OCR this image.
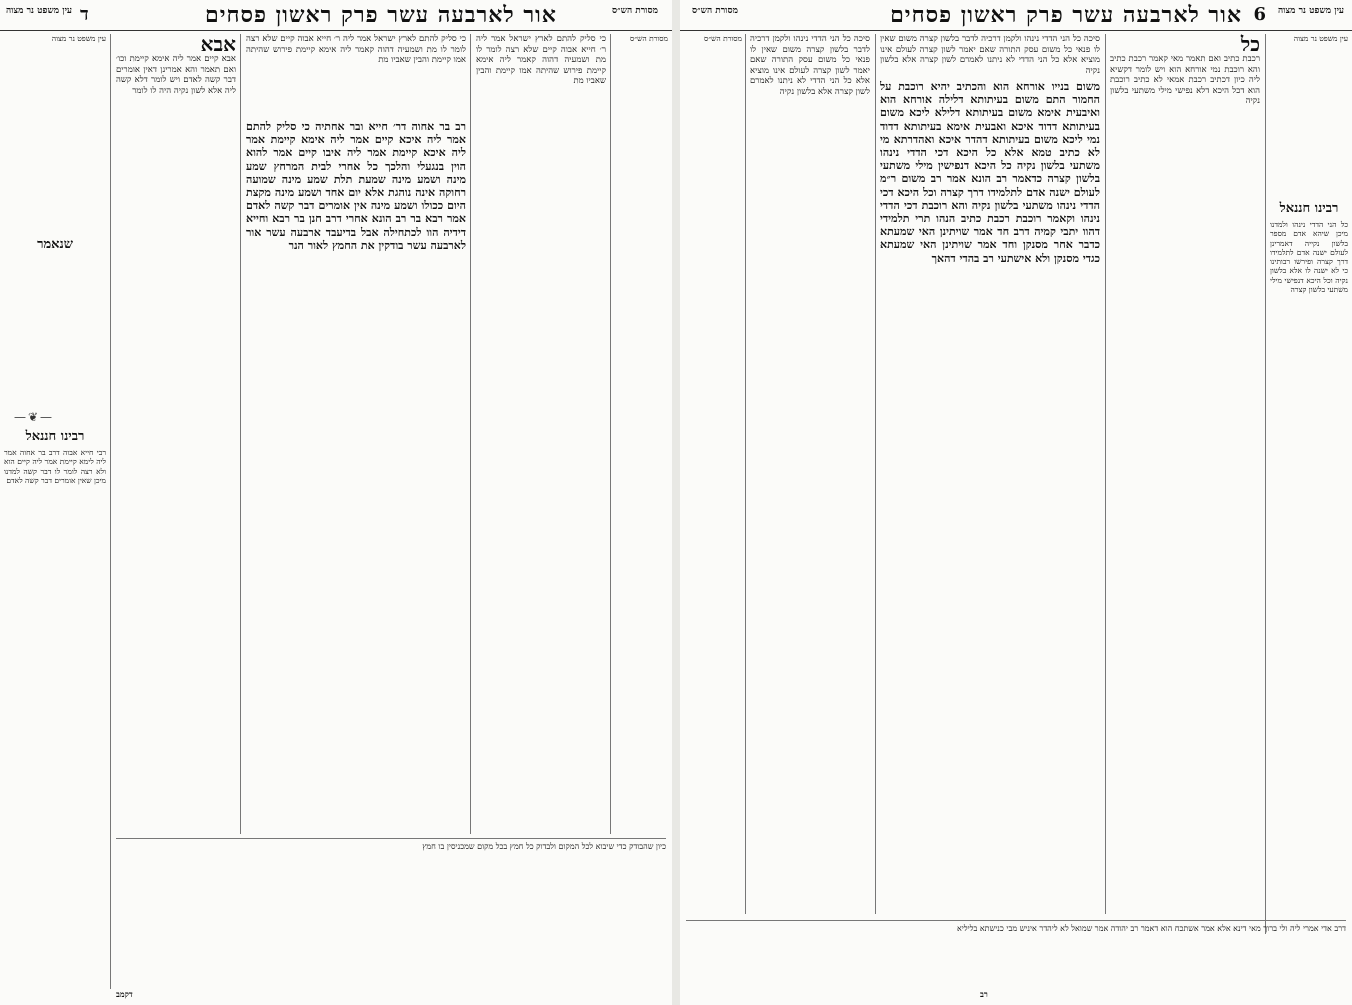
עין משפט נר מצוה
6
אור לארבעה עשר פרק ראשון פסחים
מסורת הש״ס
עין משפט נר מצוה
רבינו חננאל
כל הני הדדי נינהו ולמדנו מיכן שיהא אדם מספר בלשון נקייה דאמרינן לעולם ישנה אדם לתלמידו דרך קצרה ופירשו רבותינו כי לא ישנה לו אלא בלשון נקיה וכל היכא דנפישי מילי משתעי בלשון קצרה
כל
רכבת כתיב ואם תאמר מאי קאמר רכבת כתיב והא רוכבת נמי אורחא הוא ויש לומר דקשיא ליה כיון דכתיב רכבת אמאי לא כתיב רוכבת הוא דכל היכא דלא נפישי מילי משתעי בלשון נקיה
משום בנייו אורחא הוא והכתיב יהיא רוכבת על החמור התם משום בעיתותא דלילה אורחא הוא ואיבעית אימא משום בעיתותא דלילא ליכא משום בעיתותא דדוד איכא ואבעית אימא בעיתותא דדוד נמי ליכא משום בעיתותא דהדר איכא ואהדרתא מי לא כתיב טמא אלא כל היכא דכי הדדי נינהו משתעי בלשון נקיה כל היכא דנפישין מילי משתעי בלשון קצרה כדאמר רב הונא אמר רב משום ר״מ לעולם ישנה אדם לתלמידו דרך קצרה וכל היכא דכי הדדי נינהו משתעי בלשון נקיה והא רוכבת דכי הדדי נינהו וקאמר רוכבת רכבת כתיב הנהו תרי תלמידי דהוו יתבי קמיה דרב חד אמר שויתינן האי שמעתא כדבר אחר מסנקן וחד אמר שויתינן האי שמעתא כגדי מסנקן ולא אישתעי רב בהדי דהאך
סיכה כל הני הדדי נינהו ולקמן דרכיה לדבר בלשון קצרה משום שאין לו פנאי כל משום עסק התורה שאם יאמר לשון קצרה לעולם אינו מוציא אלא כל הני הדדי לא ניתנו לאמרם לשון קצרה אלא בלשון נקיה
סיכה כל הני הדדי נינהו ולקמן דרכיה לדבר בלשון קצרה משום שאין לו פנאי כל משום עסק התורה שאם יאמר לשון קצרה לעולם אינו מוציא אלא כל הני הדדי לא ניתנו לאמרם לשון קצרה אלא בלשון נקיה
מסורת הש״ס
דרב אדי אמרי ליה ולי ברוך מאי דינא אלא אמר אשתכח הוא דאמר רב יהודה אמר שמואל לא ליהדר איניש מבי כנישתא בליליא
רב
עין משפט נר מצוה ד	אור לארבעה עשר פרק ראשון פסחים	מסורת הש״ס
עין משפט נר מצוה
שנאמר
—❦—
רבינו חננאל
רבי חייא אבוה דרב בר אחוה אמר ליה לימא קיימת אמר ליה קיים הוא ולא רצה לומר לו דבר קשה למדנו מיכן שאין אומרים דבר קשה לאדם
אבא
אבא קיים אמר ליה אימא קיימת וכו׳ ואם תאמר והא אמרינן דאין אומרים דבר קשה לאדם ויש לומר דלא קשה ליה אלא לשון נקיה היה לו לומר
רב בר אחוה דר׳ חייא ובר אחתיה כי סליק להתם אמר ליה איכא קיים אמר ליה אימא קיימת אמר ליה איכא קיימת אמר ליה איבו קיים אמר להוא הוין בנגעלי והלכך כל אחרי לבית המרחץ שמע מינה ושמע מינה שמעת תלת שמע מינה שמועה רחוקה אינה נוהגת אלא יום אחד ושמע מינה מקצת היום ככולו ושמע מינה אין אומרים דבר קשה לאדם אמר רבא בר רב הונא אחרי דרב חנן בר רבא וחייא דידיה הוו לכתחילה אבל בדיעבד ארבעה עשר אור לארבעה עשר בודקין את החמץ לאור הנר
כי סליק להתם לארץ ישראל אמר ליה ר׳ חייא אבוה קיים שלא רצה לומר לו מת ושמעיה דהוה קאמר ליה אימא קיימת פירוש שהיתה אמו קיימת והבין שאביו מת
כי סליק להתם לארץ ישראל אמר ליה ר׳ חייא אבוה קיים שלא רצה לומר לו מת ושמעיה דהוה קאמר ליה אימא קיימת פירוש שהיתה אמו קיימת והבין שאביו מת
מסורת הש״ס
כיון שהבודק כדי שיבוא לכל המקום ולבדוק כל חמץ בכל מקום שמכניסין בו חמץ
דקמב
